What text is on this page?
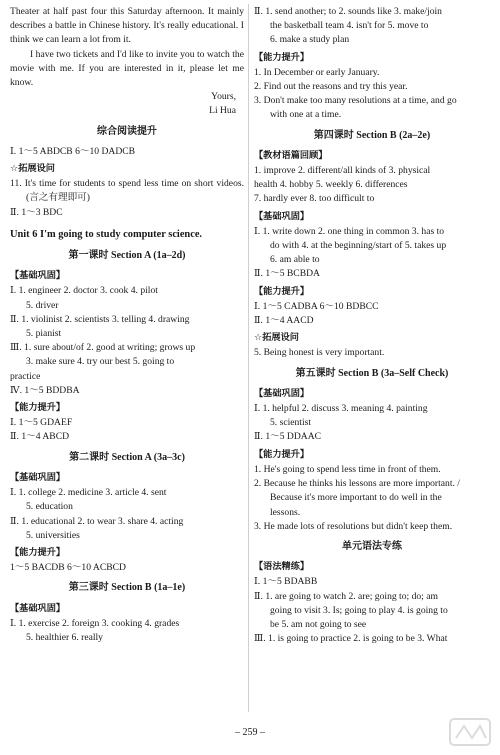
Theater at half past four this Saturday afternoon. It mainly describes a battle in Chinese history. It's really educational. I think we can learn a lot from it.

I have two tickets and I'd like to invite you to watch the movie with me. If you are interested in it, please let me know.

Yours,

Li Hua

综合阅读提升

Ⅰ. 1～5 ABDCB 6～10 DADCB

☆拓展设问

11. It's time for students to spend less time on short videos. (言之有理即可)

Ⅱ. 1～3 BDC

Unit 6 I'm going to study computer science.
第一课时 Section A (1a–2d)
【基础巩固】

Ⅰ. 1. engineer 2. doctor 3. cook 4. pilot

5. driver

Ⅱ. 1. violinist 2. scientists 3. telling 4. drawing

5. pianist

Ⅲ. 1. sure about/of 2. good at writing; grows up

3. make sure 4. try our best 5. going to

practice

Ⅳ. 1～5 BDDBA

【能力提升】

Ⅰ. 1～5 GDAEF

Ⅱ. 1～4 ABCD

第二课时 Section A (3a–3c)
【基础巩固】

Ⅰ. 1. college 2. medicine 3. article 4. sent

5. education

Ⅱ. 1. educational 2. to wear 3. share 4. acting

5. universities

【能力提升】

1～5 BACDB 6～10 ACBCD

第三课时 Section B (1a–1e)
【基础巩固】

Ⅰ. 1. exercise 2. foreign 3. cooking 4. grades

5. healthier 6. really

Ⅱ. 1. send another; to 2. sounds like 3. make/join

the basketball team 4. isn't for 5. move to

6. make a study plan

【能力提升】

1. In December or early January.

2. Find out the reasons and try this year.

3. Don't make too many resolutions at a time, and go

with one at a time.

第四课时 Section B (2a–2e)
【教材语篇回顾】

1. improve 2. different/all kinds of 3. physical

health 4. hobby 5. weekly 6. differences

7. hardly ever 8. too difficult to

【基础巩固】

Ⅰ. 1. write down 2. one thing in common 3. has to

do with 4. at the beginning/start of 5. takes up

6. am able to

Ⅱ. 1～5 BCBDA

【能力提升】

Ⅰ. 1～5 CADBA 6～10 BDBCC

Ⅱ. 1～4 AACD

☆拓展设问

5. Being honest is very important.

第五课时 Section B (3a–Self Check)
【基础巩固】

Ⅰ. 1. helpful 2. discuss 3. meaning 4. painting

5. scientist

Ⅱ. 1～5 DDAAC

【能力提升】

1. He's going to spend less time in front of them.

2. Because he thinks his lessons are more important. /

Because it's more important to do well in the

lessons.

3. He made lots of resolutions but didn't keep them.

单元语法专练
【语法精练】

Ⅰ. 1～5 BDABB

Ⅱ. 1. are going to watch 2. are; going to; do; am

going to visit 3. Is; going to play 4. is going to

be 5. am not going to see

Ⅲ. 1. is going to practice 2. is going to be 3. What

– 259 –
